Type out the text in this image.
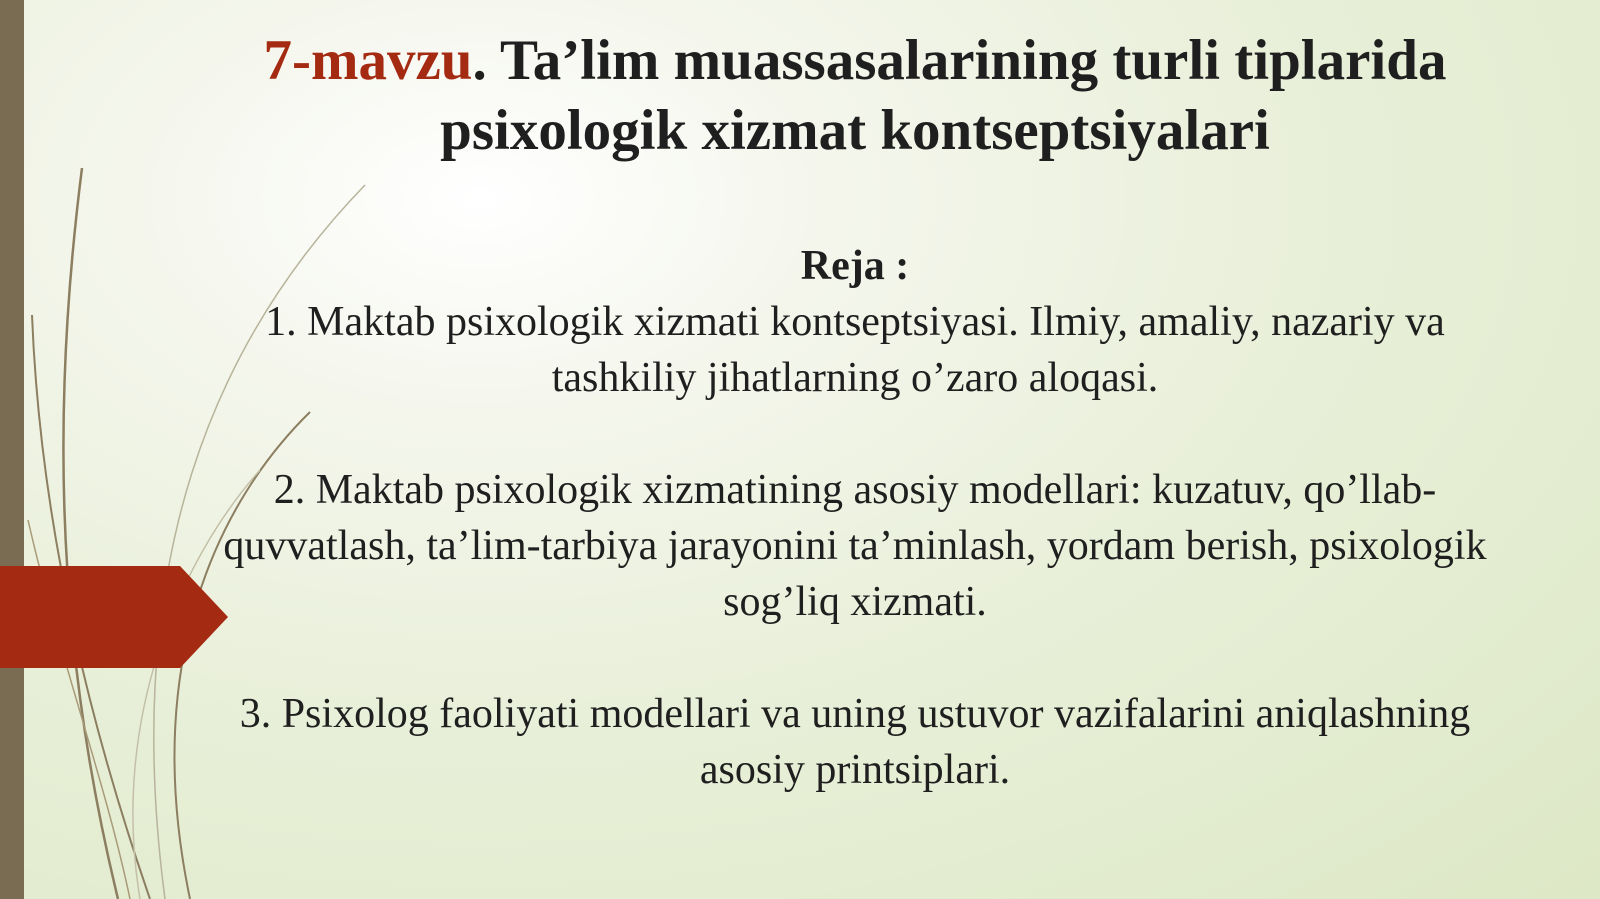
7-mavzu. Ta’lim muassasalarining turli tiplarida psixologik xizmat kontseptsiyalari

Reja :

1. Maktab psixologik xizmati kontseptsiyasi. Ilmiy, amaliy, nazariy va tashkiliy jihatlarning o’zaro aloqasi.

2. Maktab psixologik xizmatining asosiy modellari: kuzatuv, qo’llab-quvvatlash, ta’lim-tarbiya jarayonini ta’minlash, yordam berish, psixologik sog’liq xizmati.

3. Psixolog faoliyati modellari va uning ustuvor vazifalarini aniqlashning asosiy printsiplari.
